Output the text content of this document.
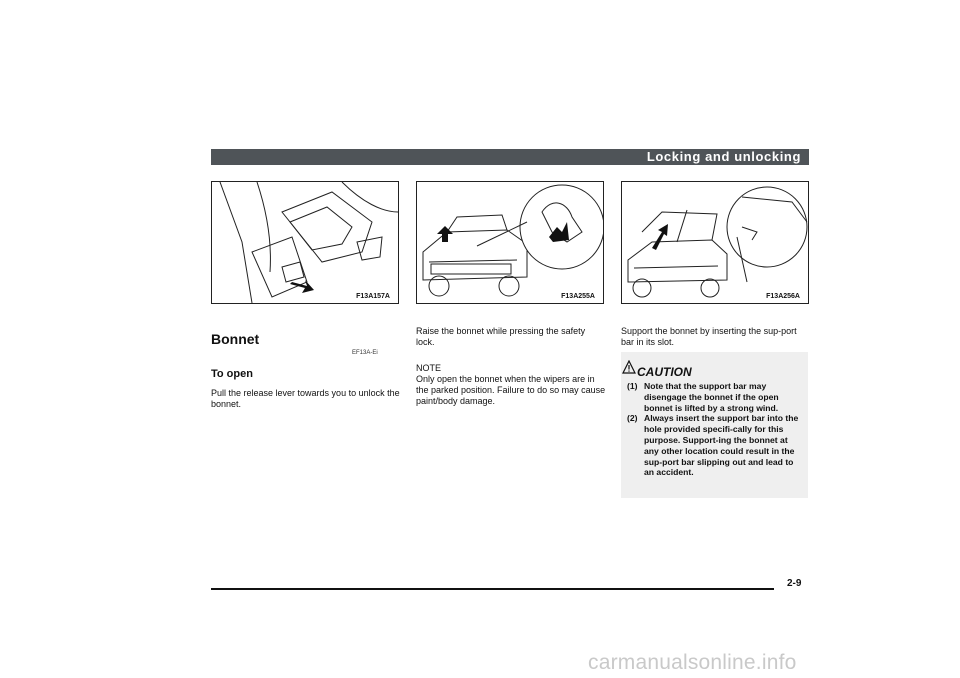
Locking and unlocking
F13A157A	F13A255A	F13A256A
Bonnet
EF13A-Ei
To open
Pull the release lever towards you to unlock the bonnet.
Raise the bonnet while pressing the safety lock.
NOTE
Only open the bonnet when the wipers are in the parked position. Failure to do so may cause paint/body damage.
Support the bonnet by inserting the sup-port bar in its slot.
CAUTION
(1) Note that the support bar may disengage the bonnet if the open bonnet is lifted by a strong wind.
(2) Always insert the support bar into the hole provided specifi-cally for this purpose. Support-ing the bonnet at any other location could result in the sup-port bar slipping out and lead to an accident.
2-9
carmanualsonline.info
